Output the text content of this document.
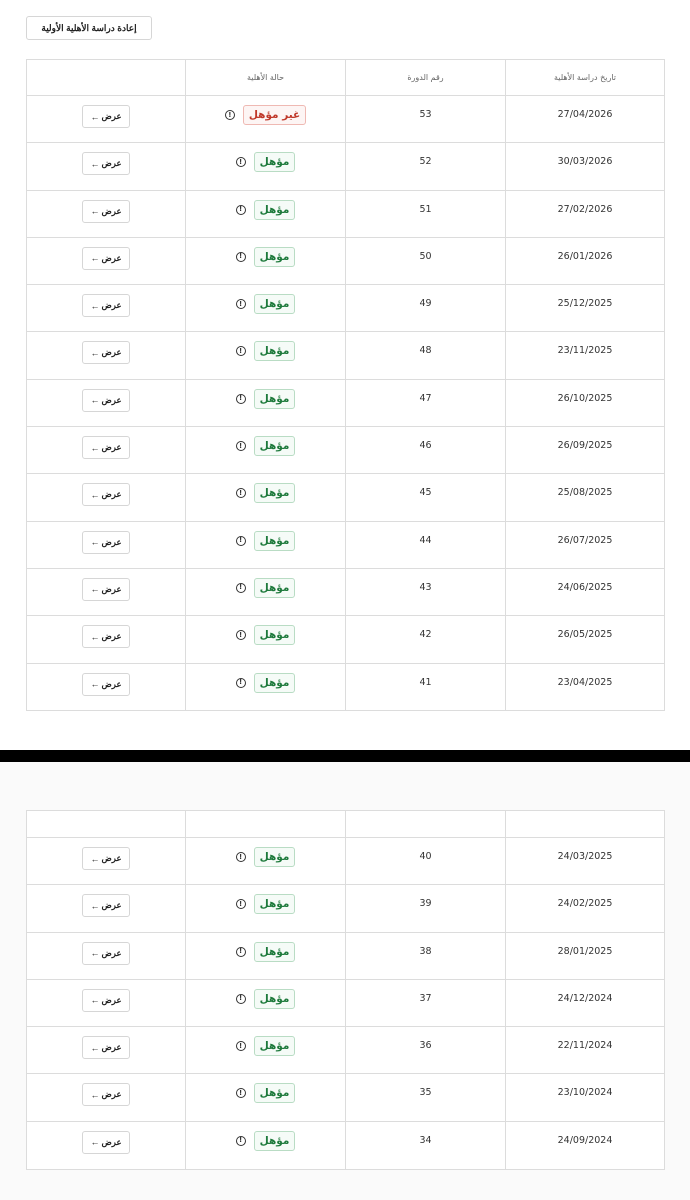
إعادة دراسة الأهلية الأولية
تاريخ دراسة الأهلية
رقم الدورة
حالة الأهلية
27/04/2026
53
غير مؤهل
!
عرض
←
30/03/2026
52
مؤهل
!
عرض
←
27/02/2026
51
مؤهل
!
عرض
←
26/01/2026
50
مؤهل
!
عرض
←
25/12/2025
49
مؤهل
!
عرض
←
23/11/2025
48
مؤهل
!
عرض
←
26/10/2025
47
مؤهل
!
عرض
←
26/09/2025
46
مؤهل
!
عرض
←
25/08/2025
45
مؤهل
!
عرض
←
26/07/2025
44
مؤهل
!
عرض
←
24/06/2025
43
مؤهل
!
عرض
←
26/05/2025
42
مؤهل
!
عرض
←
23/04/2025
41
مؤهل
!
عرض
←
24/03/2025
40
مؤهل
!
عرض
←
24/02/2025
39
مؤهل
!
عرض
←
28/01/2025
38
مؤهل
!
عرض
←
24/12/2024
37
مؤهل
!
عرض
←
22/11/2024
36
مؤهل
!
عرض
←
23/10/2024
35
مؤهل
!
عرض
←
24/09/2024
34
مؤهل
!
عرض
←
